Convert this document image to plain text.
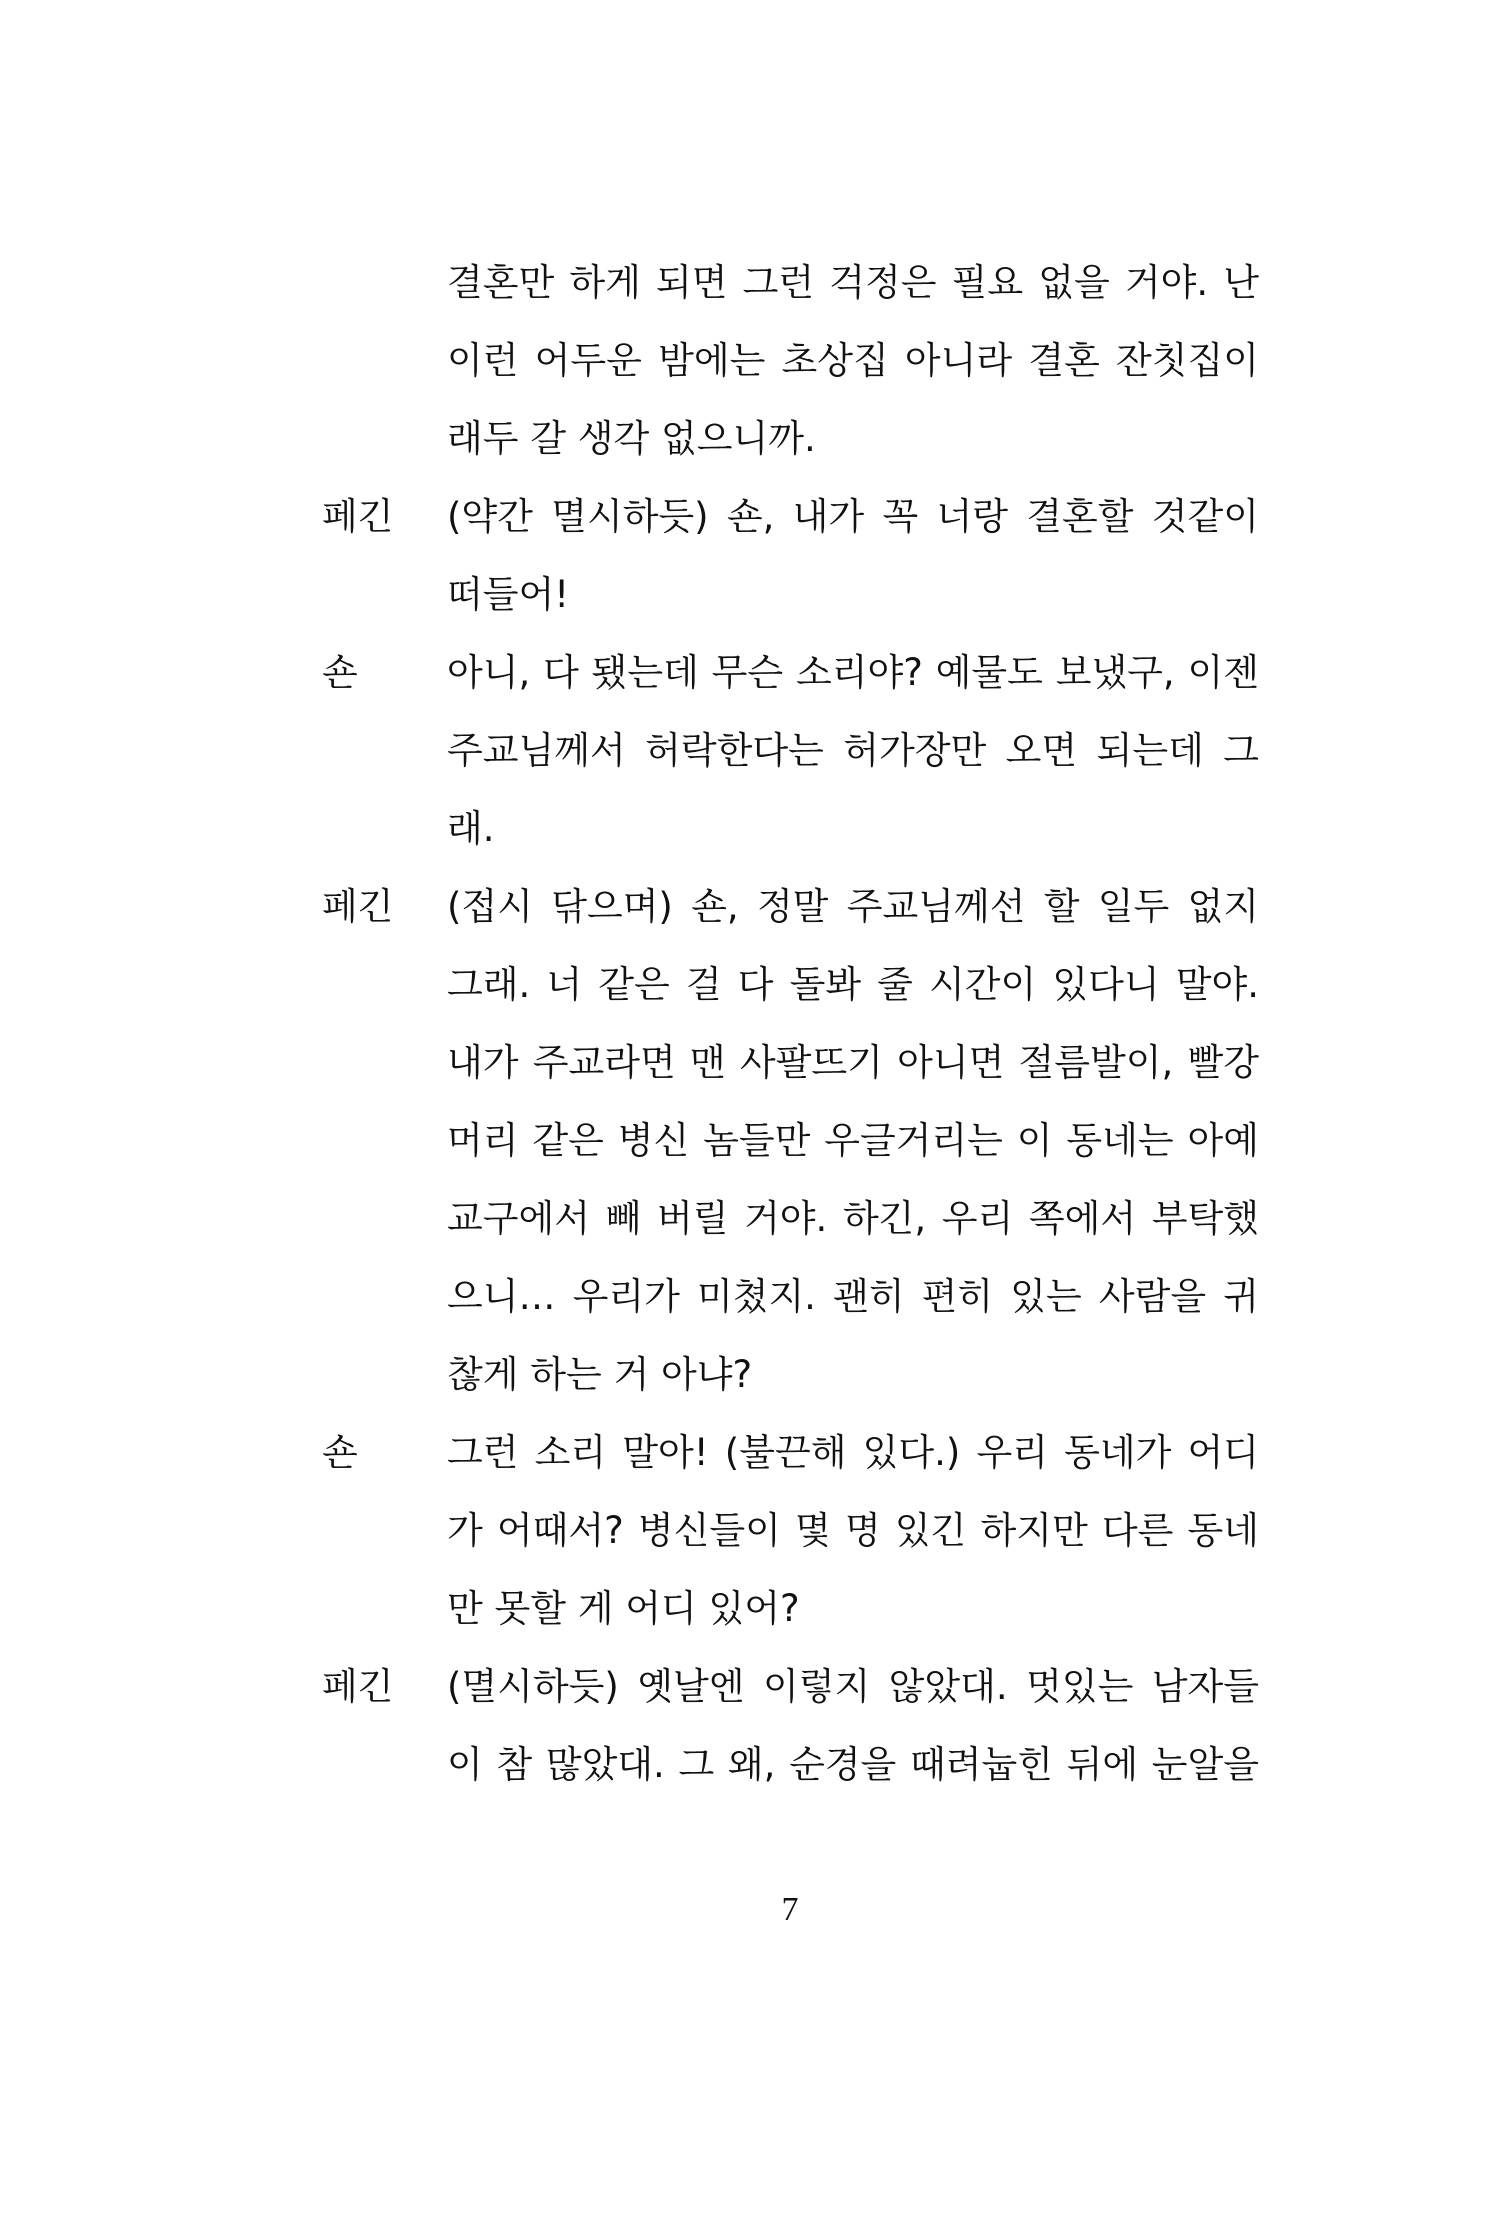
결혼만 하게 되면 그런 걱정은 필요 없을 거야. 난
이런 어두운 밤에는 초상집 아니라 결혼 잔칫집이
래두 갈 생각 없으니까.
페긴	(약간 멸시하듯) 숀, 내가 꼭 너랑 결혼할 것같이
떠들어!
숀	아니, 다 됐는데 무슨 소리야? 예물도 보냈구, 이젠
주교님께서 허락한다는 허가장만 오면 되는데 그
래.
페긴	(접시 닦으며) 숀, 정말 주교님께선 할 일두 없지
그래. 너 같은 걸 다 돌봐 줄 시간이 있다니 말야.
내가 주교라면 맨 사팔뜨기 아니면 절름발이, 빨강
머리 같은 병신 놈들만 우글거리는 이 동네는 아예
교구에서 빼 버릴 거야. 하긴, 우리 쪽에서 부탁했
으니… 우리가 미쳤지. 괜히 편히 있는 사람을 귀
찮게 하는 거 아냐?
숀	그런 소리 말아! (불끈해 있다.) 우리 동네가 어디
가 어때서? 병신들이 몇 명 있긴 하지만 다른 동네
만 못할 게 어디 있어?
페긴	(멸시하듯) 옛날엔 이렇지 않았대. 멋있는 남자들
이 참 많았대. 그 왜, 순경을 때려눕힌 뒤에 눈알을
7
